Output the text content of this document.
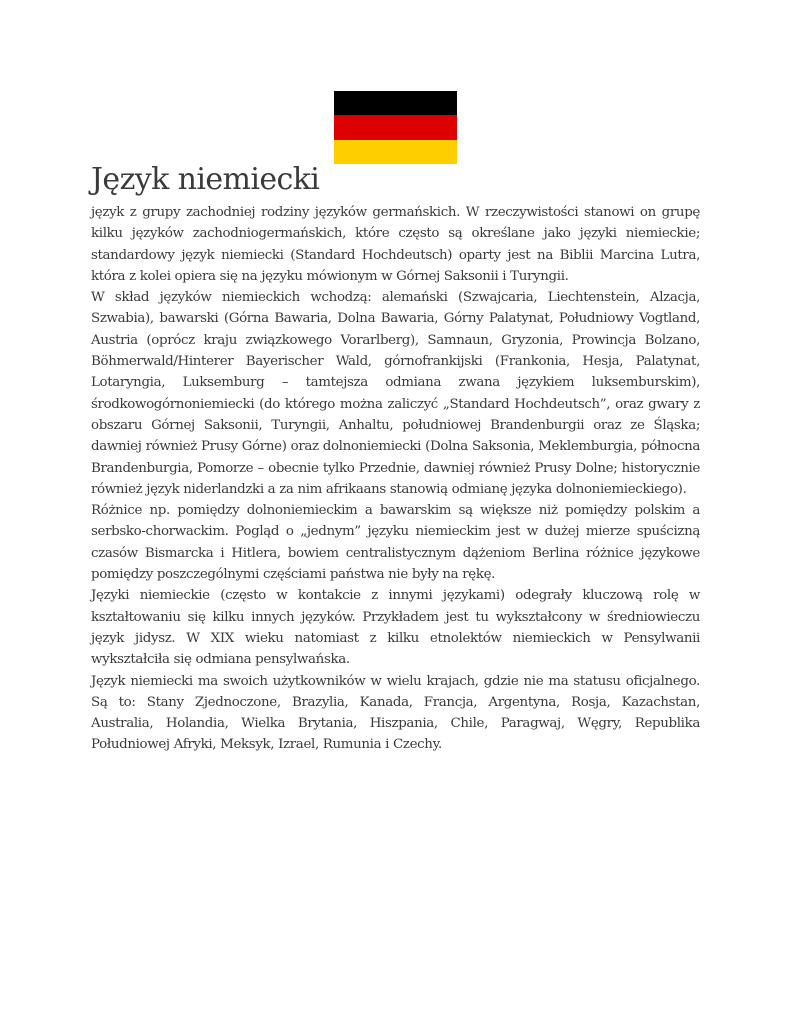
Język niemiecki

język z grupy zachodniej rodziny języków germańskich. W rzeczywistości stanowi on grupę kilku języków zachodniogermańskich, które często są określane jako języki niemieckie; standardowy język niemiecki (Standard Hochdeutsch) oparty jest na Biblii Marcina Lutra, która z kolei opiera się na języku mówionym w Górnej Saksonii i Turyngii.

W skład języków niemieckich wchodzą: alemański (Szwajcaria, Liechtenstein, Alzacja, Szwabia), bawarski (Górna Bawaria, Dolna Bawaria, Górny Palatynat, Południowy Vogtland, Austria (oprócz kraju związkowego Vorarlberg), Samnaun, Gryzonia, Prowincja Bolzano, Böhmerwald/Hinterer Bayerischer Wald, górnofrankijski (Frankonia, Hesja, Palatynat, Lotaryngia, Luksemburg – tamtejsza odmiana zwana językiem luksemburskim), środkowogórnoniemiecki (do którego można zaliczyć „Standard Hochdeutsch”, oraz gwary z obszaru Górnej Saksonii, Turyngii, Anhaltu, południowej Brandenburgii oraz ze Śląska; dawniej również Prusy Górne) oraz dolnoniemiecki (Dolna Saksonia, Meklemburgia, północna Brandenburgia, Pomorze – obecnie tylko Przednie, dawniej również Prusy Dolne; historycznie również język niderlandzki a za nim afrikaans stanowią odmianę języka dolnoniemieckiego).

Różnice np. pomiędzy dolnoniemieckim a bawarskim są większe niż pomiędzy polskim a serbsko-chorwackim. Pogląd o „jednym” języku niemieckim jest w dużej mierze spuścizną czasów Bismarcka i Hitlera, bowiem centralistycznym dążeniom Berlina różnice językowe pomiędzy poszczególnymi częściami państwa nie były na rękę.

Języki niemieckie (często w kontakcie z innymi językami) odegrały kluczową rolę w kształtowaniu się kilku innych języków. Przykładem jest tu wykształcony w średniowieczu język jidysz. W XIX wieku natomiast z kilku etnolektów niemieckich w Pensylwanii wykształciła się odmiana pensylwańska.

Język niemiecki ma swoich użytkowników w wielu krajach, gdzie nie ma statusu oficjalnego. Są to: Stany Zjednoczone, Brazylia, Kanada, Francja, Argentyna, Rosja, Kazachstan, Australia, Holandia, Wielka Brytania, Hiszpania, Chile, Paragwaj, Węgry, Republika Południowej Afryki, Meksyk, Izrael, Rumunia i Czechy.
